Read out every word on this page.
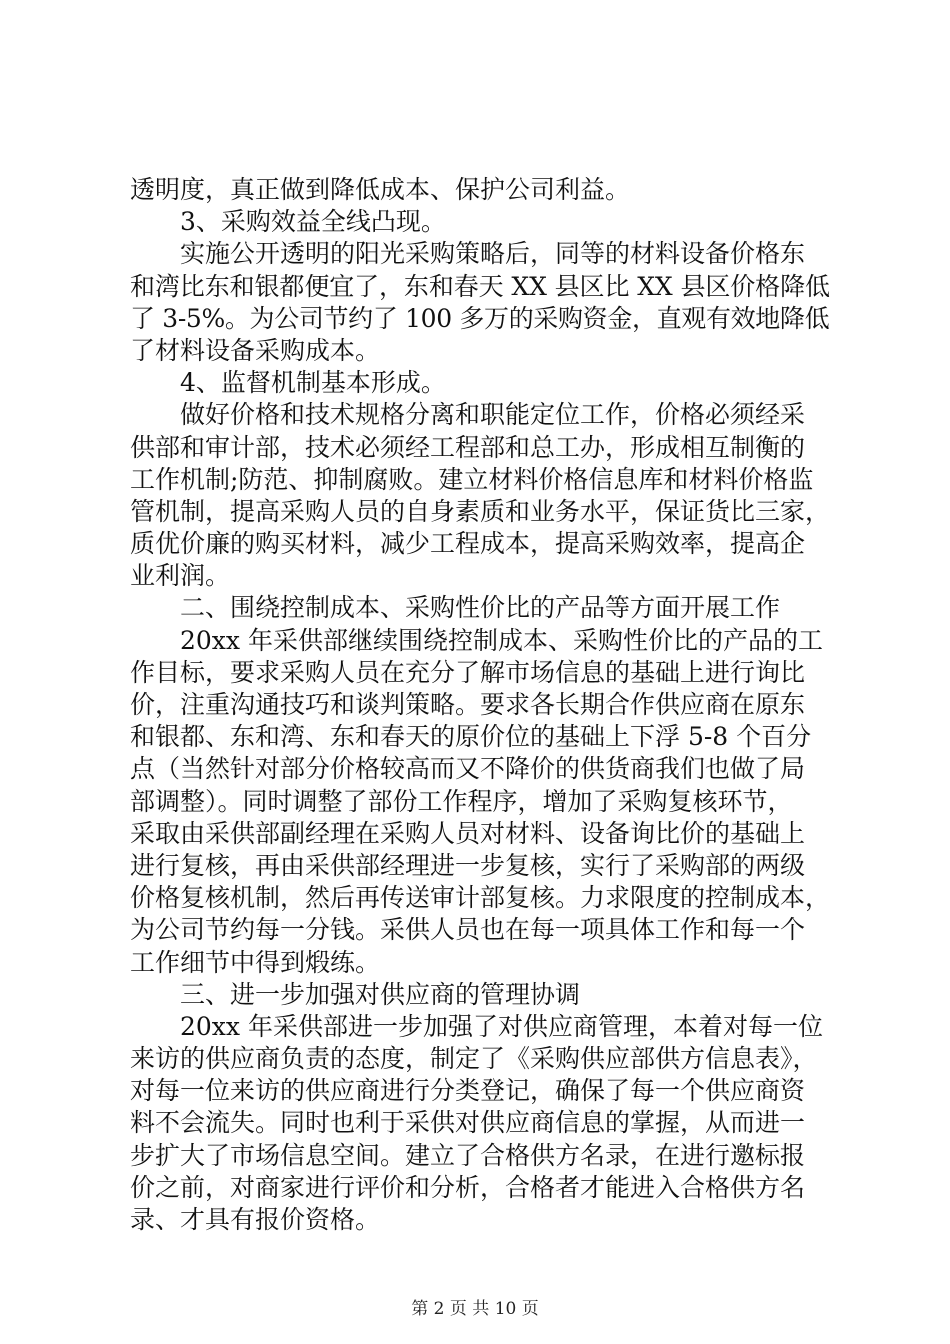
透明度，真正做到降低成本、保护公司利益。
　　3、采购效益全线凸现。
　　实施公开透明的阳光采购策略后，同等的材料设备价格东
和湾比东和银都便宜了，东和春天 XX 县区比 XX 县区价格降低
了 3-5%。为公司节约了 100 多万的采购资金，直观有效地降低
了材料设备采购成本。
　　4、监督机制基本形成。
　　做好价格和技术规格分离和职能定位工作，价格必须经采
供部和审计部，技术必须经工程部和总工办，形成相互制衡的
工作机制;防范、抑制腐败。建立材料价格信息库和材料价格监
管机制，提高采购人员的自身素质和业务水平，保证货比三家，
质优价廉的购买材料，减少工程成本，提高采购效率，提高企
业利润。
　　二、围绕控制成本、采购性价比的产品等方面开展工作
　　20xx 年采供部继续围绕控制成本、采购性价比的产品的工
作目标，要求采购人员在充分了解市场信息的基础上进行询比
价，注重沟通技巧和谈判策略。要求各长期合作供应商在原东
和银都、东和湾、东和春天的原价位的基础上下浮 5-8 个百分
点（当然针对部分价格较高而又不降价的供货商我们也做了局
部调整）。同时调整了部份工作程序，增加了采购复核环节，
采取由采供部副经理在采购人员对材料、设备询比价的基础上
进行复核，再由采供部经理进一步复核，实行了采购部的两级
价格复核机制，然后再传送审计部复核。力求限度的控制成本，
为公司节约每一分钱。采供人员也在每一项具体工作和每一个
工作细节中得到煅练。
　　三、进一步加强对供应商的管理协调
　　20xx 年采供部进一步加强了对供应商管理，本着对每一位
来访的供应商负责的态度，制定了《采购供应部供方信息表》，
对每一位来访的供应商进行分类登记，确保了每一个供应商资
料不会流失。同时也利于采供对供应商信息的掌握，从而进一
步扩大了市场信息空间。建立了合格供方名录，在进行邀标报
价之前，对商家进行评价和分析，合格者才能进入合格供方名
录、才具有报价资格。
第 2 页 共 10 页
